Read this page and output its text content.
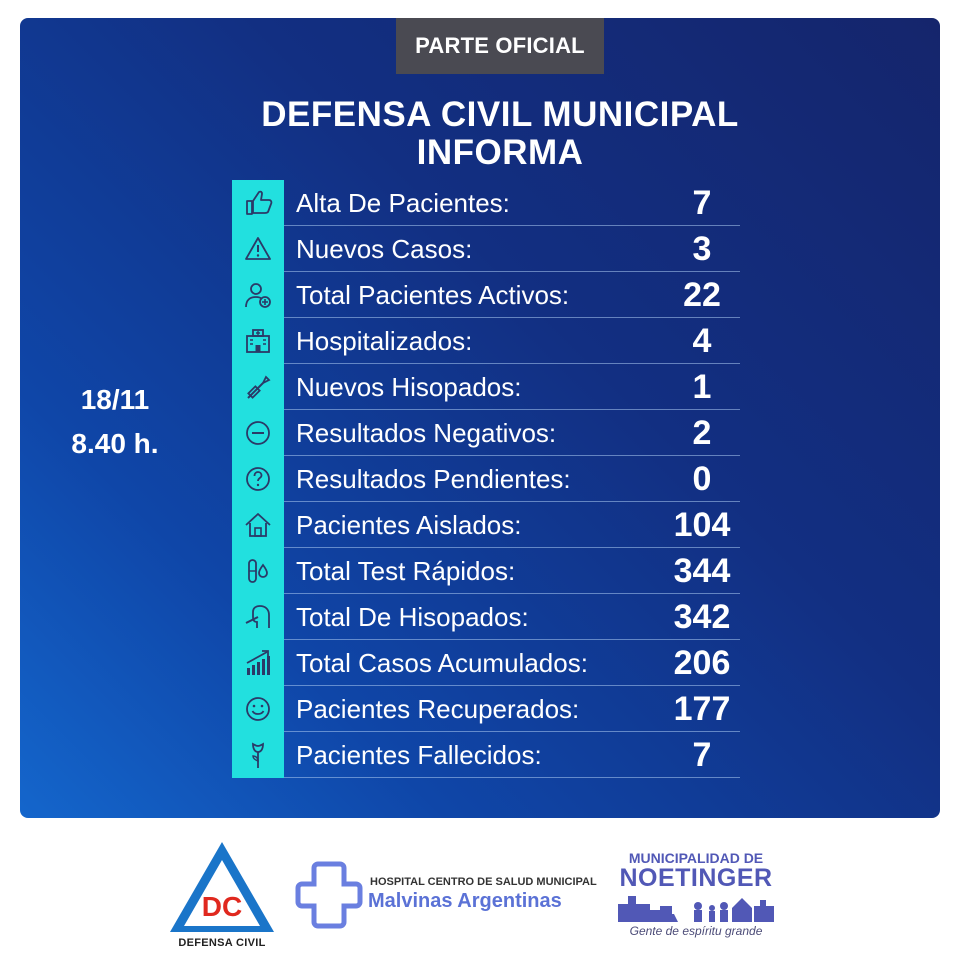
PARTE OFICIAL
DEFENSA CIVIL MUNICIPAL
INFORMA
18/11
8.40 h.
Alta De Pacientes:	7
Nuevos Casos:	3
Total Pacientes Activos:	22
Hospitalizados:	4
Nuevos Hisopados:	1
Resultados Negativos:	2
Resultados Pendientes:	0
Pacientes Aislados:	104
Total Test Rápidos:	344
Total De Hisopados:	342
Total Casos Acumulados:	206
Pacientes Recuperados:	177
Pacientes Fallecidos:	7
DC
DEFENSA CIVIL
HOSPITAL CENTRO DE SALUD MUNICIPAL
Malvinas Argentinas
MUNICIPALIDAD DE
NOETINGER
Gente de espíritu grande
